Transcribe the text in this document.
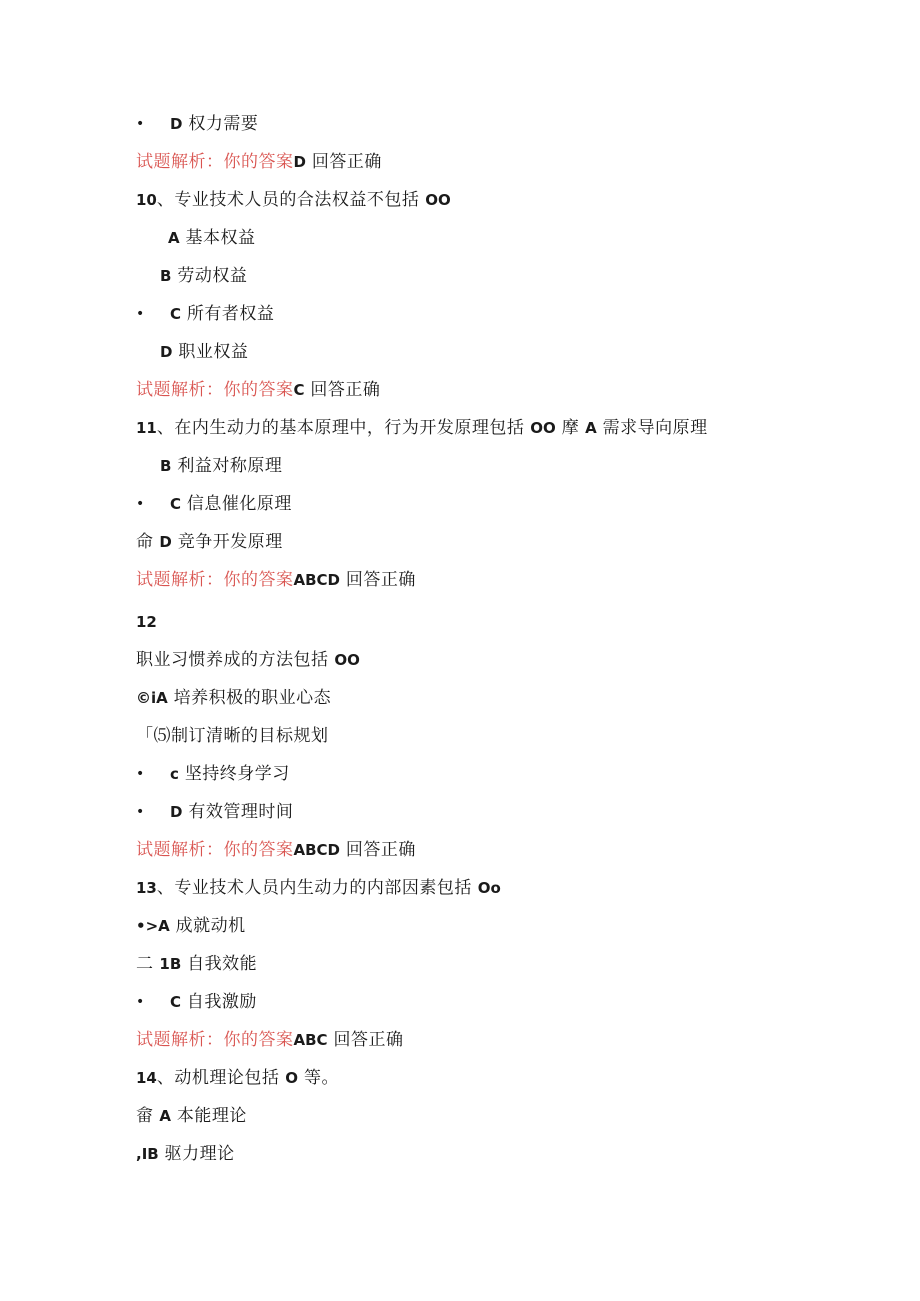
• D 权力需要
试题解析：你的答案D 回答正确
10、专业技术人员的合法权益不包括 OO
A 基本权益
B 劳动权益
• C 所有者权益
D 职业权益
试题解析：你的答案C 回答正确
11、在内生动力的基本原理中，行为开发原理包括 OO 摩 A 需求导向原理
B 利益对称原理
• C 信息催化原理
命 D 竞争开发原理
试题解析：你的答案ABCD 回答正确
12
职业习惯养成的方法包括 OO
©iA 培养积极的职业心态
「⑸制订清晰的目标规划
• c 坚持终身学习
• D 有效管理时间
试题解析：你的答案ABCD 回答正确
13、专业技术人员内生动力的内部因素包括 Oo
•>A 成就动机
二 1B 自我效能
• C 自我激励
试题解析：你的答案ABC 回答正确
14、动机理论包括 O 等。
畲 A 本能理论
,IB 驱力理论
